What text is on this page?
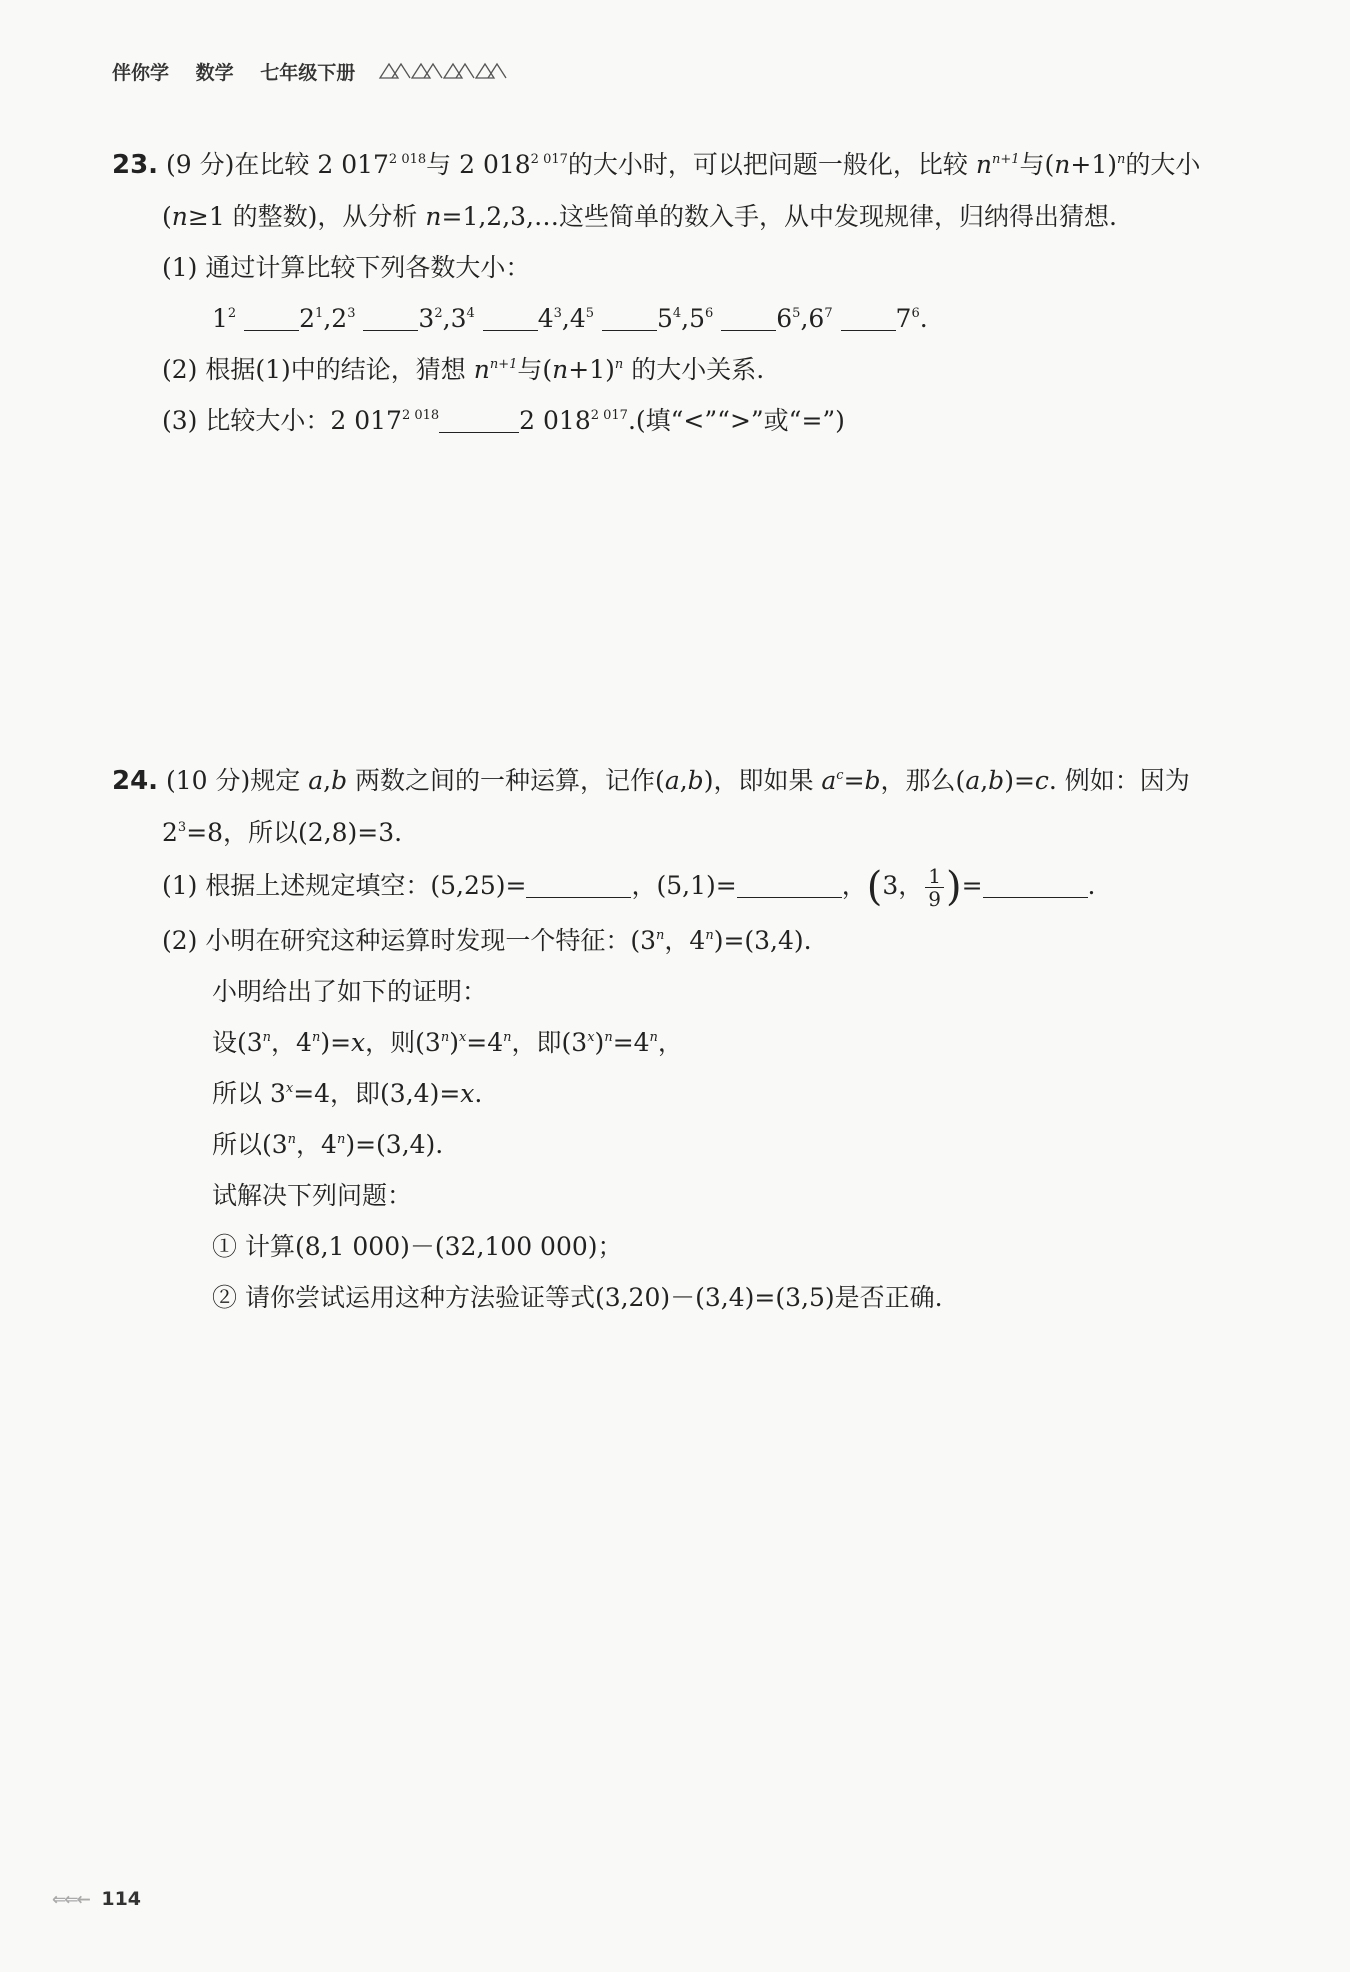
伴你学 数学 七年级下册
23. (9 分)在比较 2 $017^{2 018}$与 2 $018^{2 017}$的大小时，可以把问题一般化，比较 $n^{n+1}$与$(n+1)^n$的大小
(n≥1 的整数)，从分析 n=1,2,3,…这些简单的数入手，从中发现规律，归纳得出猜想.
(1) 通过计算比较下列各数大小：
$1^2$	$2^1,2^3$	$3^2,3^4$	$4^3,4^5$	$5^4,5^6$	$6^5,6^7$	$7^6$.
(2) 根据(1)中的结论，猜想 $n^{n+1}$与$(n+1)^n$ 的大小关系.
(3) 比较大小：2 $017^{2 018}$	2 $018^{2 017}$.(填“<”“>”或“=”)
24. (10 分)规定 a,b 两数之间的一种运算，记作(a,b)，即如果 $a^c=b$，那么(a,b)=c. 例如：因为
$2^3=8$，所以(2,8)=3.
(1) 根据上述规定填空：(5,25)=	，(5,1)=	，(3， $\frac{1}{9}$ )=	.
(2) 小明在研究这种运算时发现一个特征：(3$^n$，$4^n)=(3,4)$.
小明给出了如下的证明：
设(3$^n$，$4^n)=x$，则$(3^n)^x=4^n$，即$(3^x)^n=4^n$，
所以 $3^x=4$，即(3,4)=x.
所以(3$^n$，$4^n)=(3,4)$.
试解决下列问题：
① 计算(8,1 000)－(32,100 000)；
② 请你尝试运用这种方法验证等式(3,20)－(3,4)=(3,5)是否正确.
⇐⇐← 114
